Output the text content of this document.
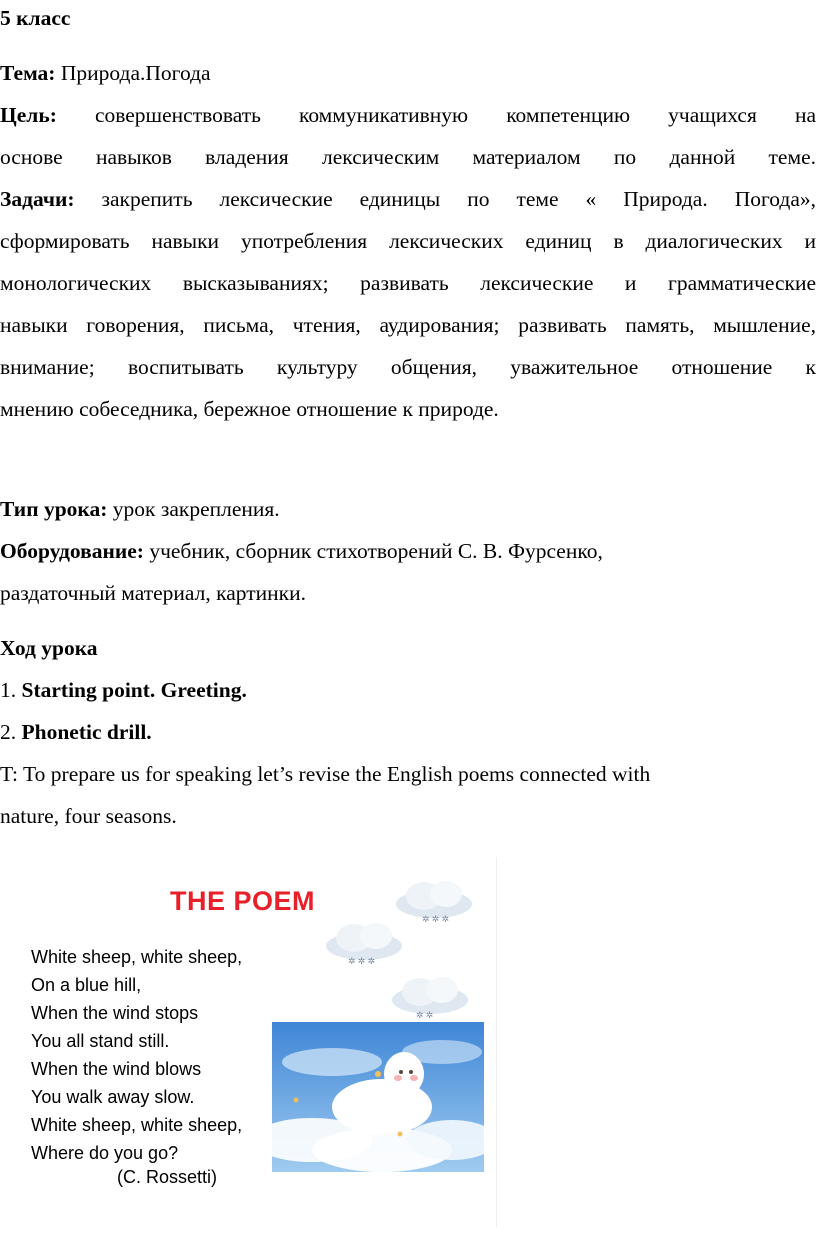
5 класс
Тема: Природа.Погода
Цель: совершенствовать коммуникативную компетенцию учащихся на
основе навыков владения лексическим материалом по данной теме.
Задачи: закрепить лексические единицы по теме « Природа. Погода»,
сформировать навыки употребления лексических единиц в диалогических и
монологических высказываниях; развивать лексические и грамматические
навыки говорения, письма, чтения, аудирования; развивать память, мышление,
внимание; воспитывать культуру общения, уважительное отношение к
мнению собеседника, бережное отношение к природе.
Тип урока: урок закрепления.
Оборудование: учебник, сборник стихотворений С. В. Фурсенко,
раздаточный материал, картинки.
Ход урока
1. Starting point. Greeting.
2. Phonetic drill.
T: To prepare us for speaking let’s revise the English poems connected with
nature, four seasons.
THE POEM
White sheep, white sheep,
On a blue hill,
When the wind stops
You all stand still.
When the wind blows
You walk away slow.
White sheep, white sheep,
Where do you go?
(C. Rossetti)
✲ ✲ ✲
✲ ✲ ✲
✲ ✲
